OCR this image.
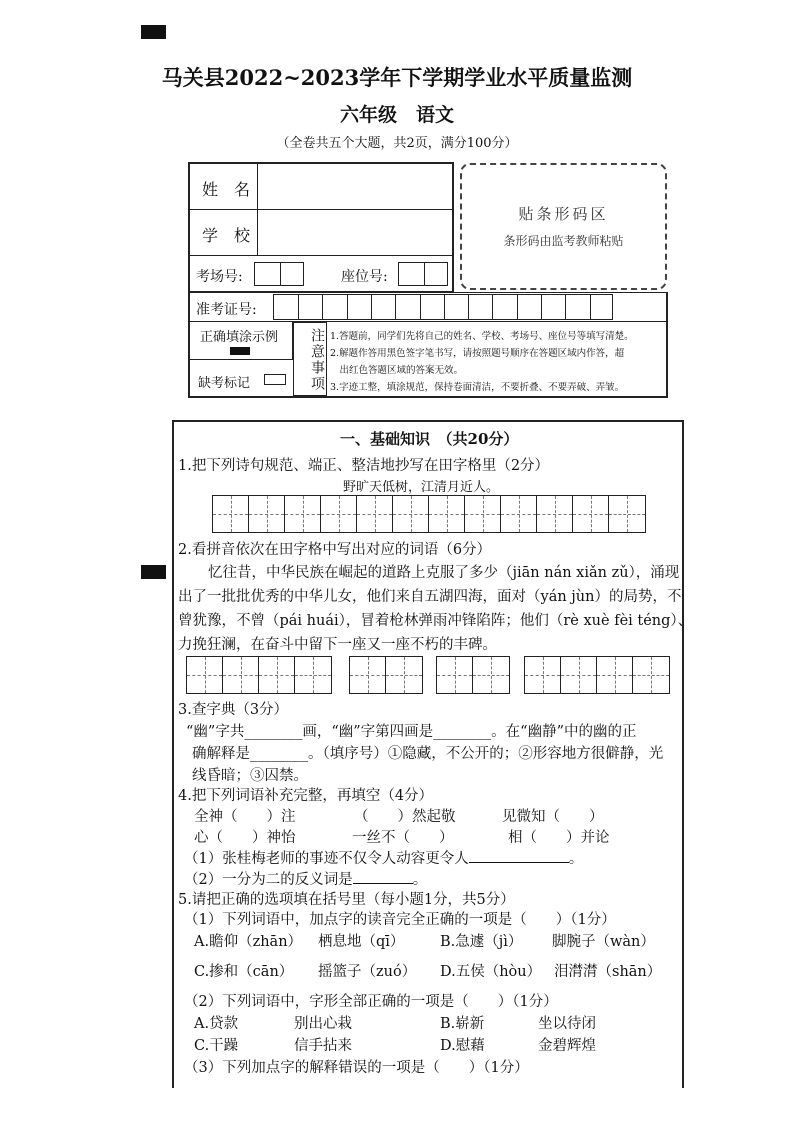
马关县2022~2023学年下学期学业水平质量监测
六年级　语文
（全卷共五个大题，共2页，满分100分）
姓　名
学　校
考场号:	座位号:
准考证号:
正确填涂示例
缺考标记	注意事项 1.答题前，同学们先将自己的姓名、学校、考场号、座位号等填写清楚。
2.解题作答用黑色签字笔书写，请按照题号顺序在答题区域内作答，超
　出红色答题区域的答案无效。
3.字迹工整，填涂规范，保持卷面清洁，不要折叠、不要弄破、弄皱。
贴条形码区
条形码由监考教师粘贴
一、基础知识　（共20分）
1.把下列诗句规范、端正、整洁地抄写在田字格里（2分）
野旷天低树，江清月近人。
2.看拼音依次在田字格中写出对应的词语（6分）
忆往昔，中华民族在崛起的道路上克服了多少（jiān nán xiǎn zǔ），涌现
出了一批批优秀的中华儿女，他们来自五湖四海，面对（yán jùn）的局势，不
曾犹豫，不曾（pái huái），冒着枪林弹雨冲锋陷阵；他们（rè xuè fèi téng）、
力挽狂澜，在奋斗中留下一座又一座不朽的丰碑。
3.查字典（3分）
“幽”字共________画，“幽”字第四画是________。在“幽静”中的幽的正
确解释是________。（填序号）①隐藏，不公开的；②形容地方很僻静，光
线昏暗；③囚禁。
4.把下列词语补充完整，再填空（4分）
全神（　　）注	（　　）然起敬	见微知（　　）
心（　　）神怡	一丝不（　　）	相（　　）并论
（1）张桂梅老师的事迹不仅令人动容更令人	。
（2）一分为二的反义词是	。
5.请把正确的选项填在括号里（每小题1分，共5分）
（1）下列词语中，加点字的读音完全正确的一项是（　　）（1分）
A.瞻仰（zhān） 栖息地（qī） B.急遽（jì） 脚腕子（wàn）
C.掺和（cān） 摇篮子（zuó） D.五侯（hòu） 泪潸潸（shān）
（2）下列词语中，字形全部正确的一项是（　　）（1分）
A.贷款	别出心栽	B.崭新	坐以待闭
C.干躁	信手拈来	D.慰藉	金碧辉煌
（3）下列加点字的解释错误的一项是（　　）（1分）
